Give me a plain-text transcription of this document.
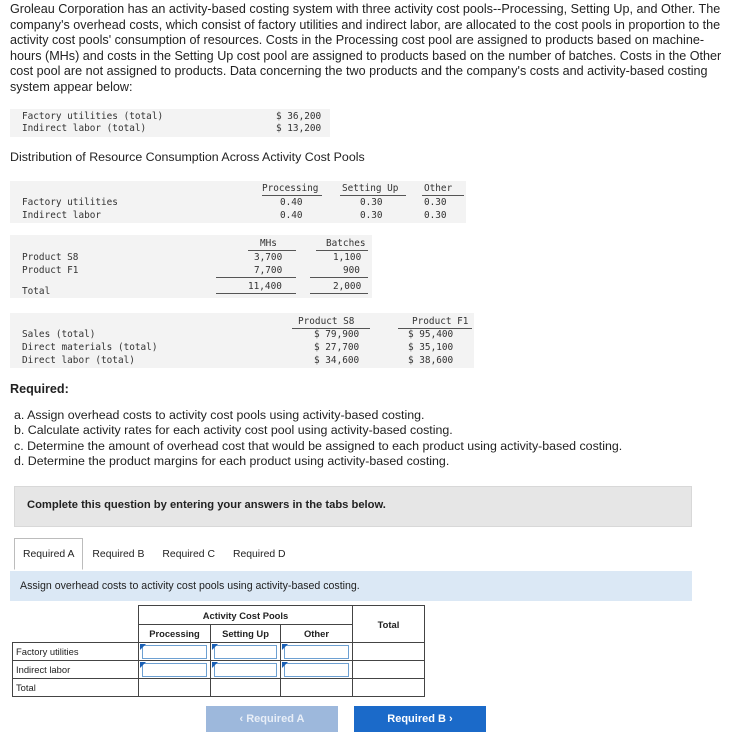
Groleau Corporation has an activity-based costing system with three activity cost pools--Processing, Setting Up, and Other. The company's overhead costs, which consist of factory utilities and indirect labor, are allocated to the cost pools in proportion to the activity cost pools' consumption of resources. Costs in the Processing cost pool are assigned to products based on machine-hours (MHs) and costs in the Setting Up cost pool are assigned to products based on the number of batches. Costs in the Other cost pool are not assigned to products. Data concerning the two products and the company's costs and activity-based costing system appear below:
Factory utilities (total)	$ 36,200
Indirect labor (total)	$ 13,200
Distribution of Resource Consumption Across Activity Cost Pools
Processing	Setting Up	Other
Factory utilities	0.40	0.30	0.30
Indirect labor	0.40	0.30	0.30
MHs	Batches
Product S8	3,700	1,100
Product F1	7,700	900
Total	11,400	2,000
Product S8	Product F1
Sales (total)	$ 79,900	$ 95,400
Direct materials (total)	$ 27,700	$ 35,100
Direct labor (total)	$ 34,600	$ 38,600
Required:
a. Assign overhead costs to activity cost pools using activity-based costing.
b. Calculate activity rates for each activity cost pool using activity-based costing.
c. Determine the amount of overhead cost that would be assigned to each product using activity-based costing.
d. Determine the product margins for each product using activity-based costing.
Complete this question by entering your answers in the tabs below.
Required A	Required B	Required C	Required D
Assign overhead costs to activity cost pools using activity-based costing.
	Activity Cost Pools			Total
	Processing	Setting Up	Other	
Factory utilities	

Indirect labor	

Total				
‹ Required A	Required B ›
